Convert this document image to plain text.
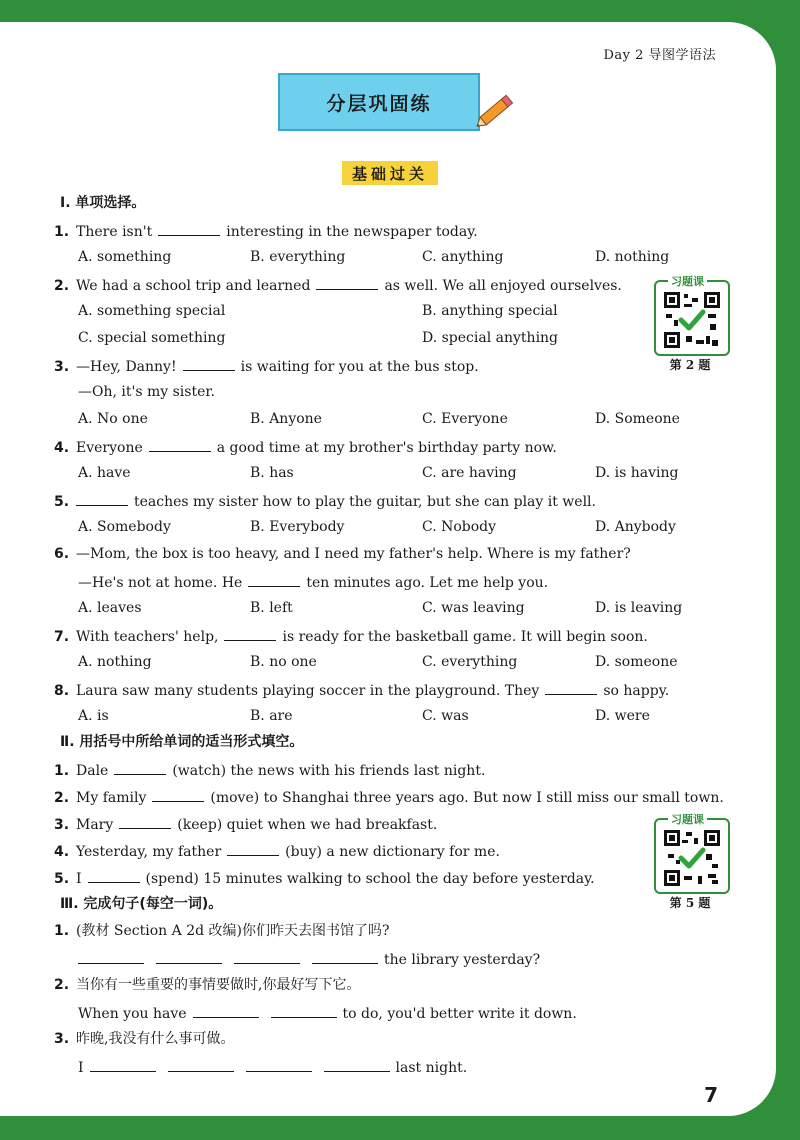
Day 2 导图学语法
分层巩固练
基础过关
Ⅰ. 单项选择。
1. There isn't	interesting in the newspaper today.
A. something	B. everything	C. anything	D. nothing
2. We had a school trip and learned	as well. We all enjoyed ourselves.
A. something special	B. anything special
C. special something	D. special anything
习题课
第 2 题
3. —Hey, Danny!	is waiting for you at the bus stop.
—Oh, it's my sister.
A. No one	B. Anyone	C. Everyone	D. Someone
4. Everyone	a good time at my brother's birthday party now.
A. have	B. has	C. are having	D. is having
5.	teaches my sister how to play the guitar, but she can play it well.
A. Somebody	B. Everybody	C. Nobody	D. Anybody
6. —Mom, the box is too heavy, and I need my father's help. Where is my father?
—He's not at home. He	ten minutes ago. Let me help you.
A. leaves	B. left	C. was leaving	D. is leaving
7. With teachers' help,	is ready for the basketball game. It will begin soon.
A. nothing	B. no one	C. everything	D. someone
8. Laura saw many students playing soccer in the playground. They	so happy.
A. is	B. are	C. was	D. were
Ⅱ. 用括号中所给单词的适当形式填空。
1. Dale	(watch) the news with his friends last night.
2. My family	(move) to Shanghai three years ago. But now I still miss our small town.
3. Mary	(keep) quiet when we had breakfast.
4. Yesterday, my father	(buy) a new dictionary for me.
5. I	(spend) 15 minutes walking to school the day before yesterday.
习题课
第 5 题
Ⅲ. 完成句子(每空一词)。
1. (教材 Section A 2d 改编)你们昨天去图书馆了吗?
the library yesterday?
2. 当你有一些重要的事情要做时,你最好写下它。
When you have	to do, you'd better write it down.
3. 昨晚,我没有什么事可做。
I	last night.
7
